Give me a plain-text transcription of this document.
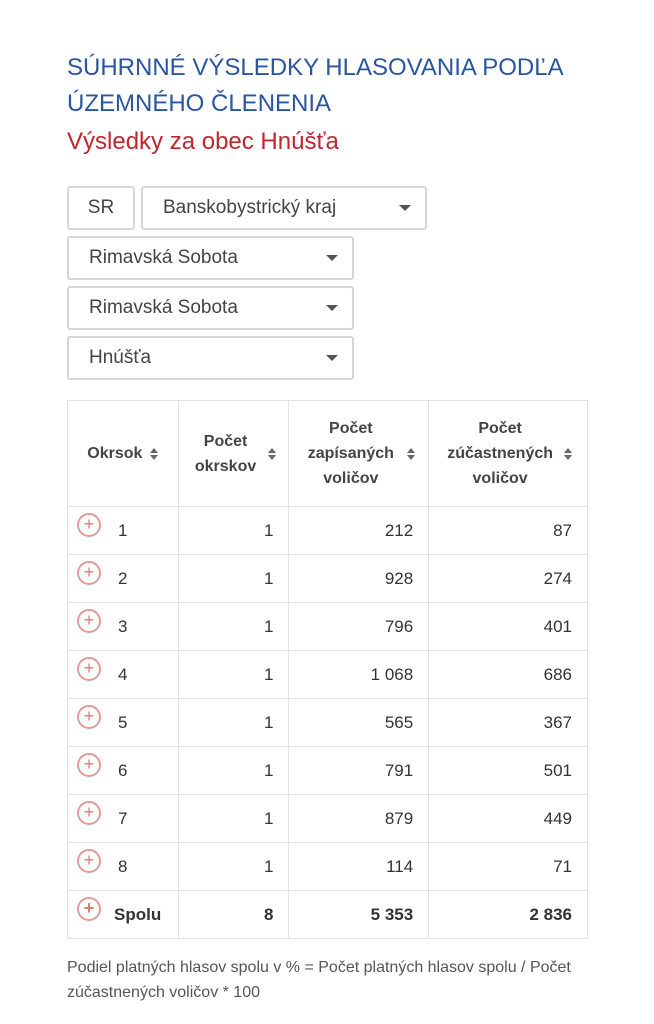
SÚHRNNÉ VÝSLEDKY HLASOVANIA PODĽA ÚZEMNÉHO ČLENENIA
Výsledky za obec Hnúšťa
SR	Banskobystrický kraj
Rimavská Sobota
Rimavská Sobota
Hnúšťa
Okrsok	Počet okrskov	Počet zapísaných voličov	Počet zúčastnených voličov

+ 1	1	212	87
+ 2	1	928	274
+ 3	1	796	401
+ 4	1	1 068	686
+ 5	1	565	367
+ 6	1	791	501
+ 7	1	879	449
+ 8	1	114	71
+ Spolu	8	5 353	2 836

Podiel platných hlasov spolu v % = Počet platných hlasov spolu / Počet zúčastnených voličov * 100
